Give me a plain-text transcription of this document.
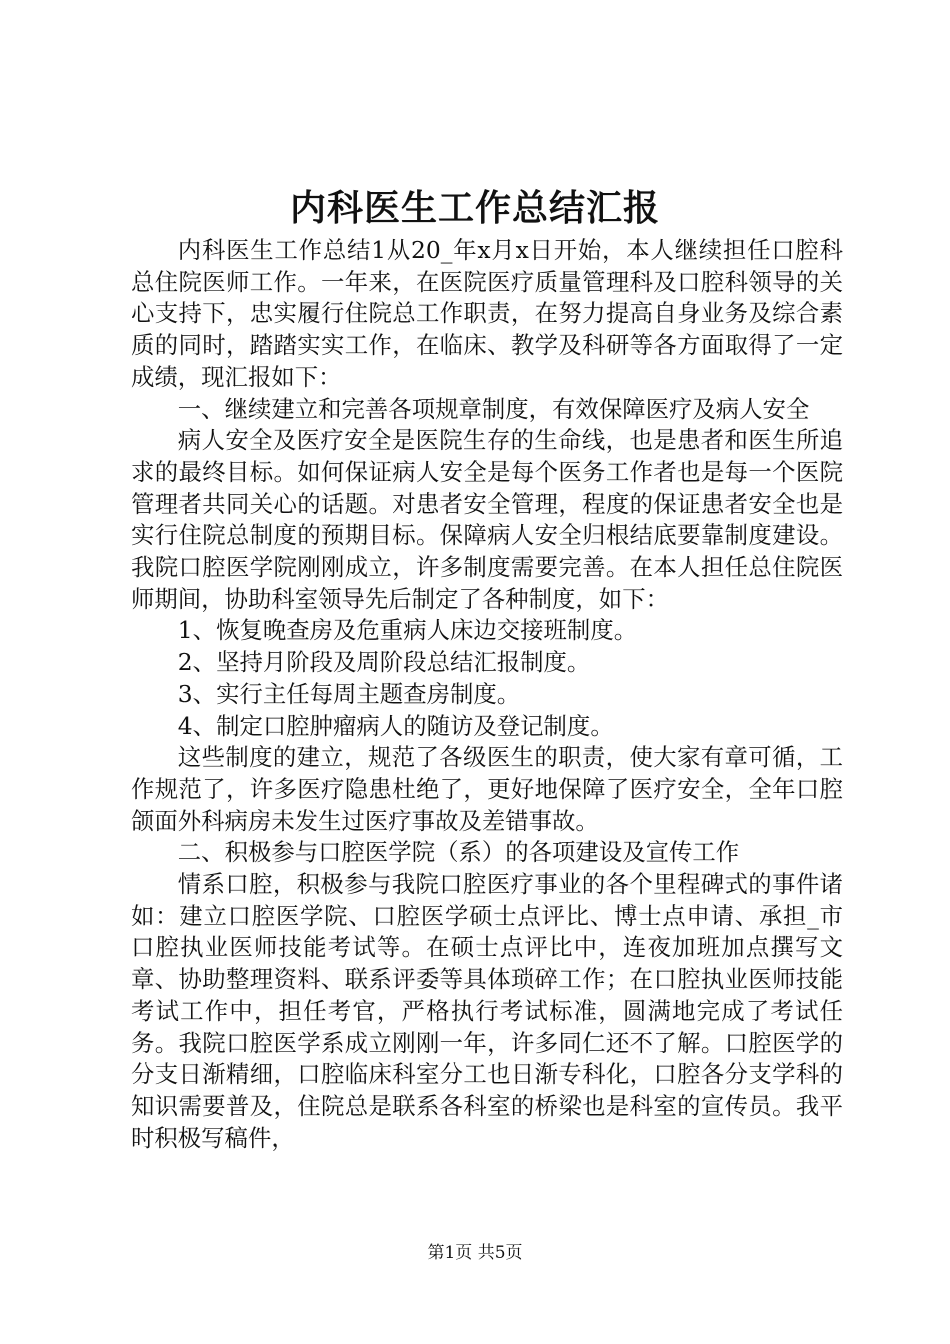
内科医生工作总结汇报

内科医生工作总结1从20_年x月x日开始，本人继续担任口腔科总住院医师工作。一年来，在医院医疗质量管理科及口腔科领导的关心支持下，忠实履行住院总工作职责，在努力提高自身业务及综合素质的同时，踏踏实实工作，在临床、教学及科研等各方面取得了一定成绩，现汇报如下：

一、继续建立和完善各项规章制度，有效保障医疗及病人安全

病人安全及医疗安全是医院生存的生命线，也是患者和医生所追求的最终目标。如何保证病人安全是每个医务工作者也是每一个医院管理者共同关心的话题。对患者安全管理，程度的保证患者安全也是实行住院总制度的预期目标。保障病人安全归根结底要靠制度建设。我院口腔医学院刚刚成立，许多制度需要完善。在本人担任总住院医师期间，协助科室领导先后制定了各种制度，如下：

1、恢复晚查房及危重病人床边交接班制度。

2、坚持月阶段及周阶段总结汇报制度。

3、实行主任每周主题查房制度。

4、制定口腔肿瘤病人的随访及登记制度。

这些制度的建立，规范了各级医生的职责，使大家有章可循，工作规范了，许多医疗隐患杜绝了，更好地保障了医疗安全，全年口腔颌面外科病房未发生过医疗事故及差错事故。

二、积极参与口腔医学院（系）的各项建设及宣传工作

情系口腔，积极参与我院口腔医疗事业的各个里程碑式的事件诸如：建立口腔医学院、口腔医学硕士点评比、博士点申请、承担_市口腔执业医师技能考试等。在硕士点评比中，连夜加班加点撰写文章、协助整理资料、联系评委等具体琐碎工作；在口腔执业医师技能考试工作中，担任考官，严格执行考试标准，圆满地完成了考试任务。我院口腔医学系成立刚刚一年，许多同仁还不了解。口腔医学的分支日渐精细，口腔临床科室分工也日渐专科化，口腔各分支学科的知识需要普及，住院总是联系各科室的桥梁也是科室的宣传员。我平时积极写稿件，

第1页 共5页
